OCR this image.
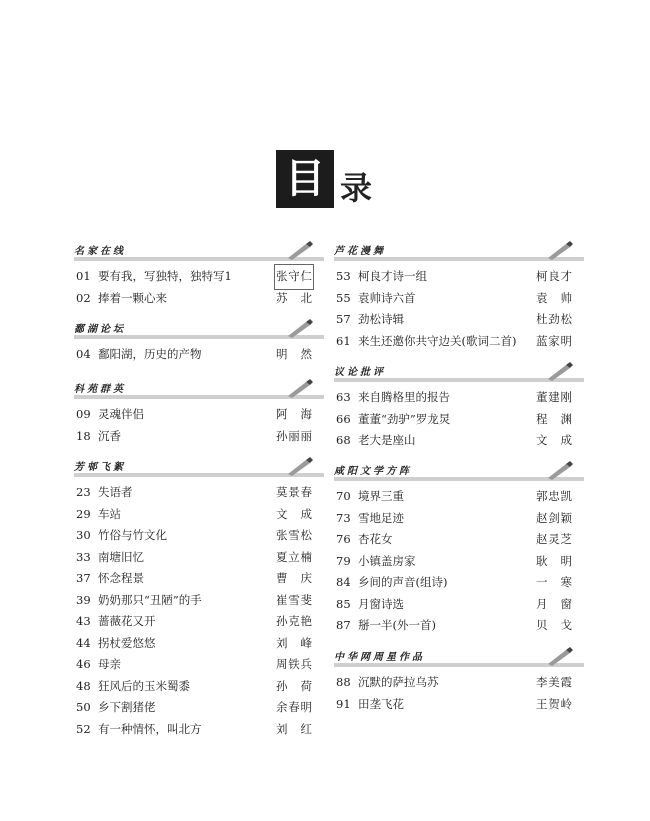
目 录
名家在线
01 要有我，写独特，独特写1	张守仁
02 捧着一颗心来	苏北
鄱湖论坛
04 鄱阳湖，历史的产物	明然
科苑群英
09 灵魂伴侣	阿海
18 沉香	孙丽丽
芳邨飞絮
23 失语者	莫景春
29 车站	文成
30 竹俗与竹文化	张雪松
33 南塘旧忆	夏立楠
37 怀念程景	曹庆
39 奶奶那只“丑陋”的手	崔雪斐
43 蔷薇花又开	孙克艳
44 拐杖爱悠悠	刘峰
46 母亲	周铁兵
48 狂风后的玉米蜀黍	孙荷
50 乡下割猪佬	余春明
52 有一种情怀，叫北方	刘红
芦花漫舞
53 柯良才诗一组	柯良才
55 袁帅诗六首	袁帅
57 劲松诗辑	杜劲松
61 来生还邀你共守边关(歌词二首) 蓝家明
议论批评
63 来自腾格里的报告	董建刚
66 董董“劲驴”罗龙炅	程渊
68 老大是座山	文成
咸阳文学方阵
70 境界三重	郭忠凯
73 雪地足迹	赵剑颖
76 杏花女	赵灵芝
79 小镇盖房家	耿明
84 乡间的声音(组诗)	一寒
85 月窗诗选	月窗
87 掰一半(外一首)	贝戈
中华网周星作品
88 沉默的萨拉乌苏	李美霞
91 田垄飞花	王贺岭
